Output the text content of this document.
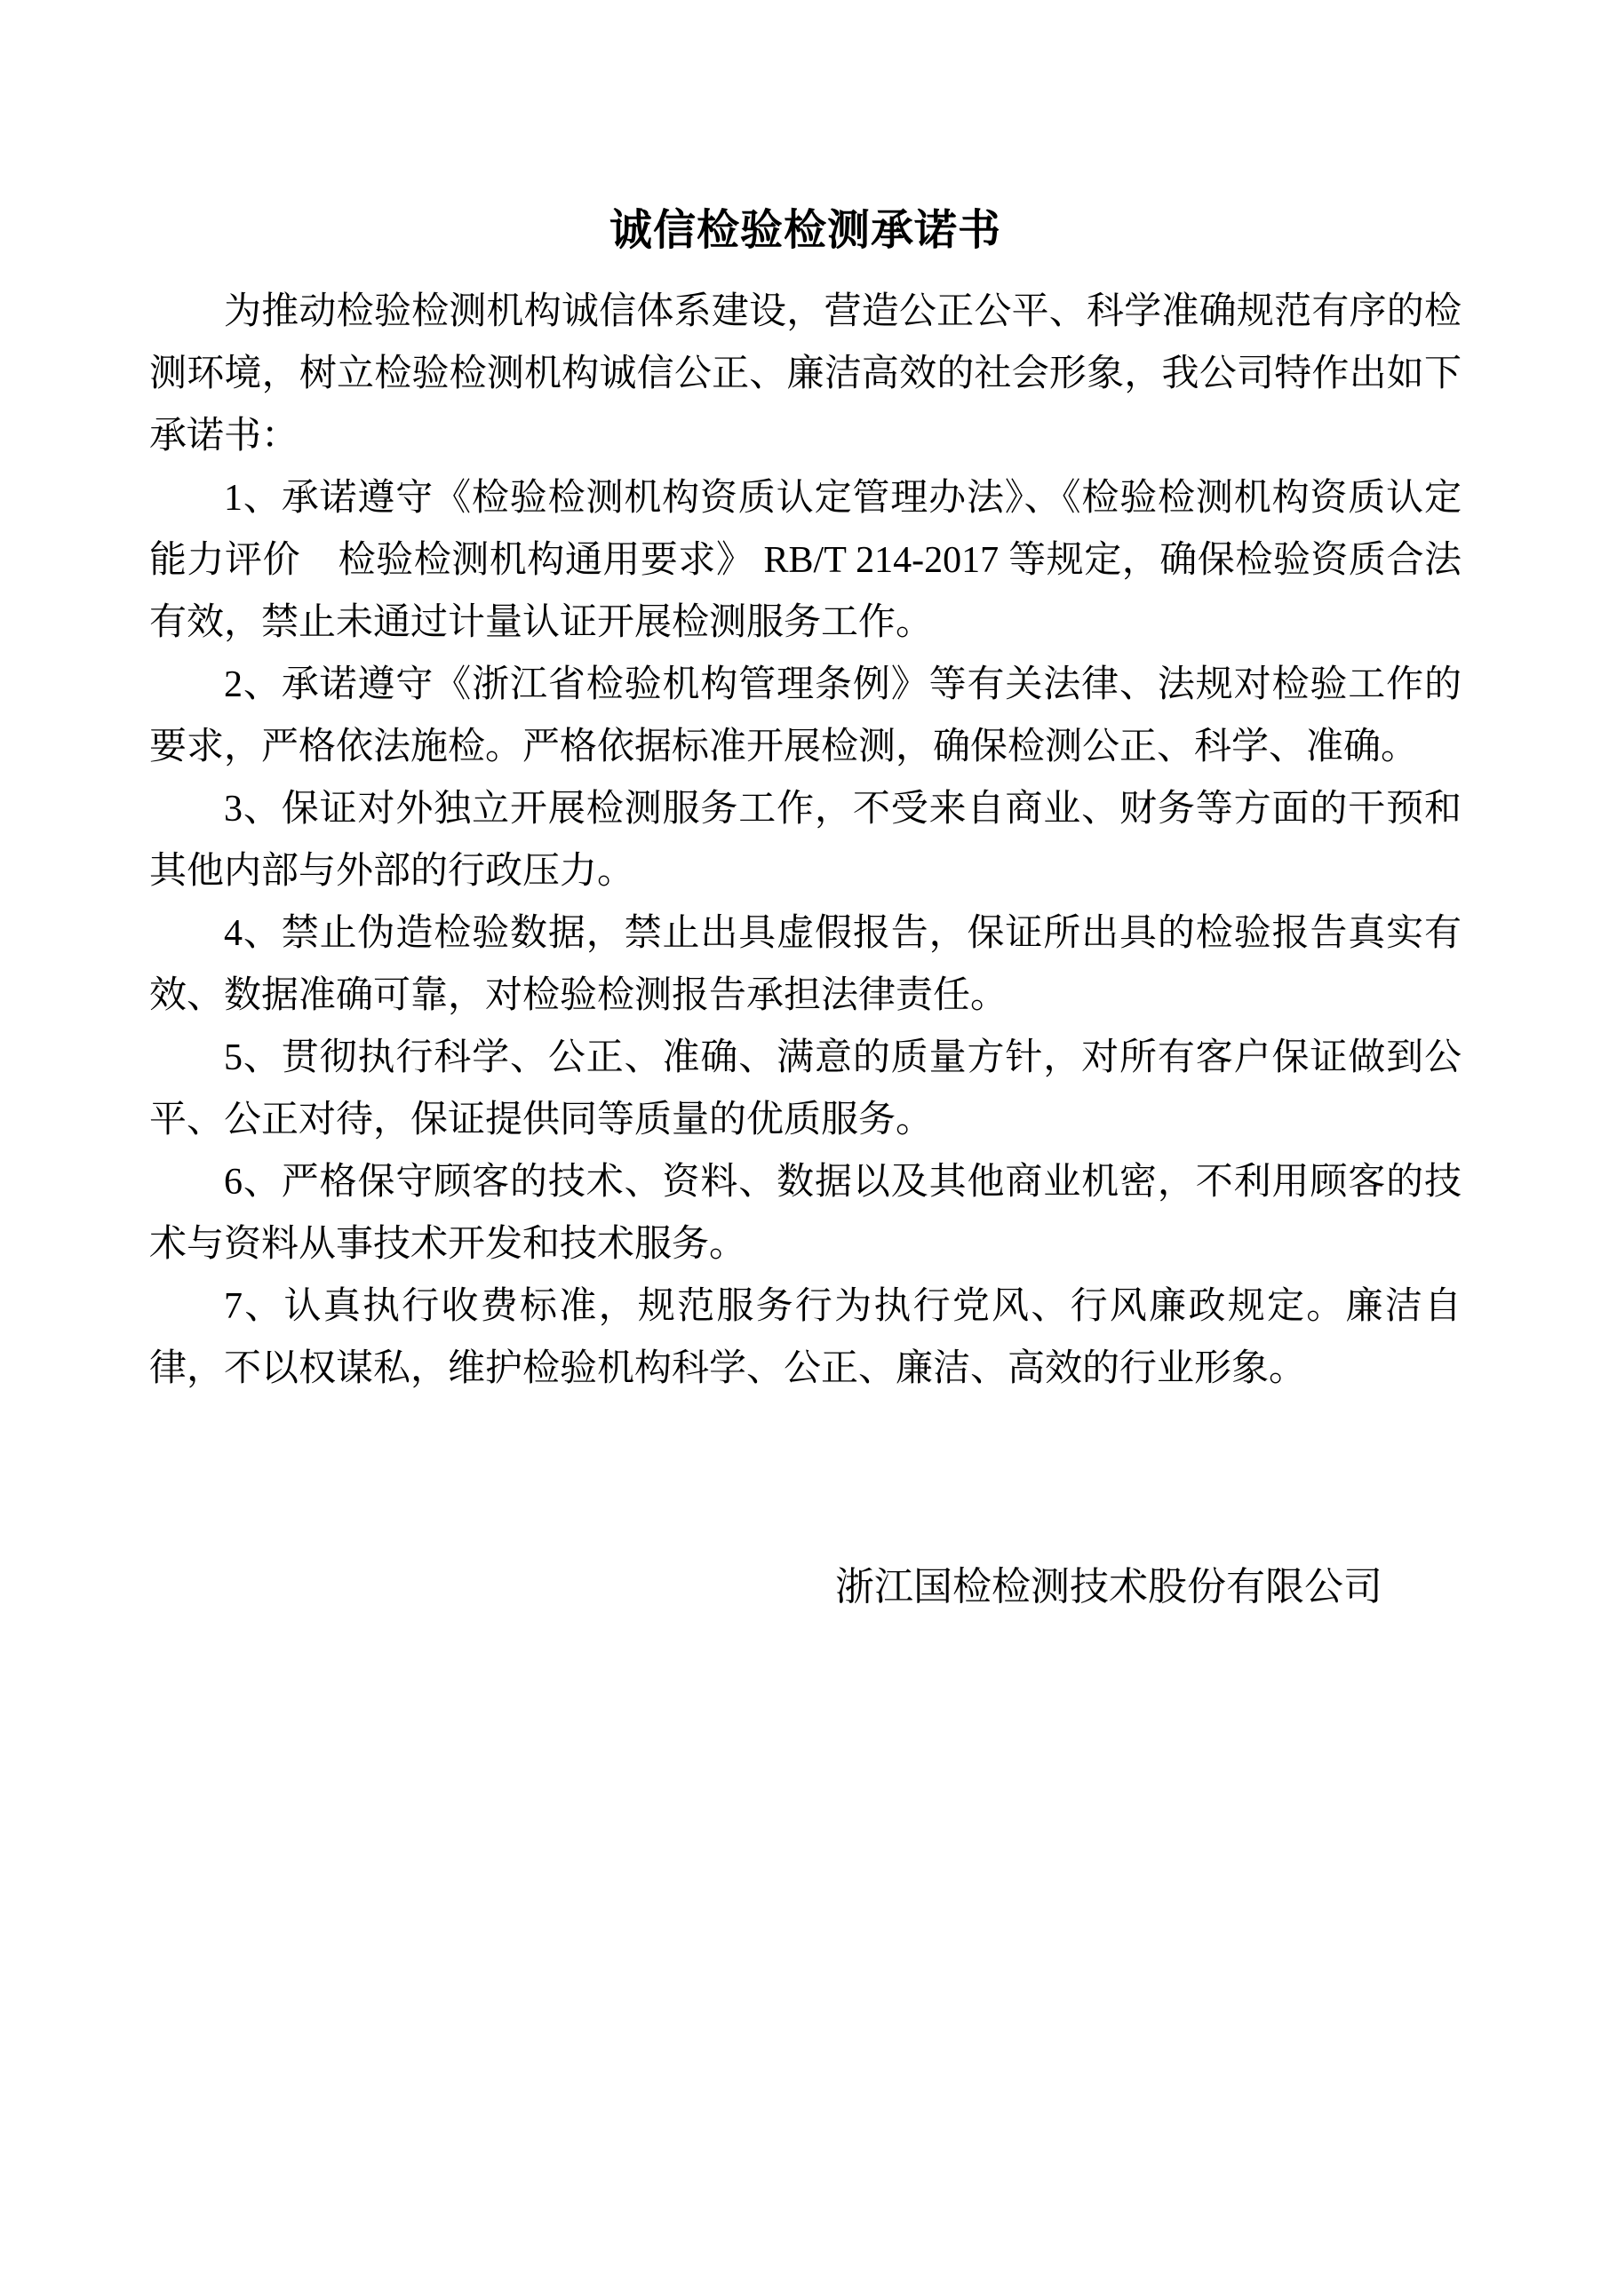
诚信检验检测承诺书

为推动检验检测机构诚信体系建设，营造公正公平、科学准确规范有序的检测环境，树立检验检测机构诚信公正、廉洁高效的社会形象，我公司特作出如下承诺书：

1、承诺遵守《检验检测机构资质认定管理办法》、《检验检测机构资质认定能力评价　检验检测机构通用要求》 RB/T 214-2017 等规定，确保检验资质合法有效，禁止未通过计量认证开展检测服务工作。

2、承诺遵守《浙江省检验机构管理条例》等有关法律、法规对检验工作的要求，严格依法施检。严格依据标准开展检测，确保检测公正、科学、准确。

3、保证对外独立开展检测服务工作，不受来自商业、财务等方面的干预和其他内部与外部的行政压力。

4、禁止伪造检验数据，禁止出具虚假报告，保证所出具的检验报告真实有效、数据准确可靠，对检验检测报告承担法律责任。

5、贯彻执行科学、公正、准确、满意的质量方针，对所有客户保证做到公平、公正对待，保证提供同等质量的优质服务。

6、严格保守顾客的技术、资料、数据以及其他商业机密，不利用顾客的技术与资料从事技术开发和技术服务。

7、认真执行收费标准，规范服务行为执行党风、行风廉政规定。廉洁自律，不以权谋私，维护检验机构科学、公正、廉洁、高效的行业形象。

浙江国检检测技术股份有限公司
